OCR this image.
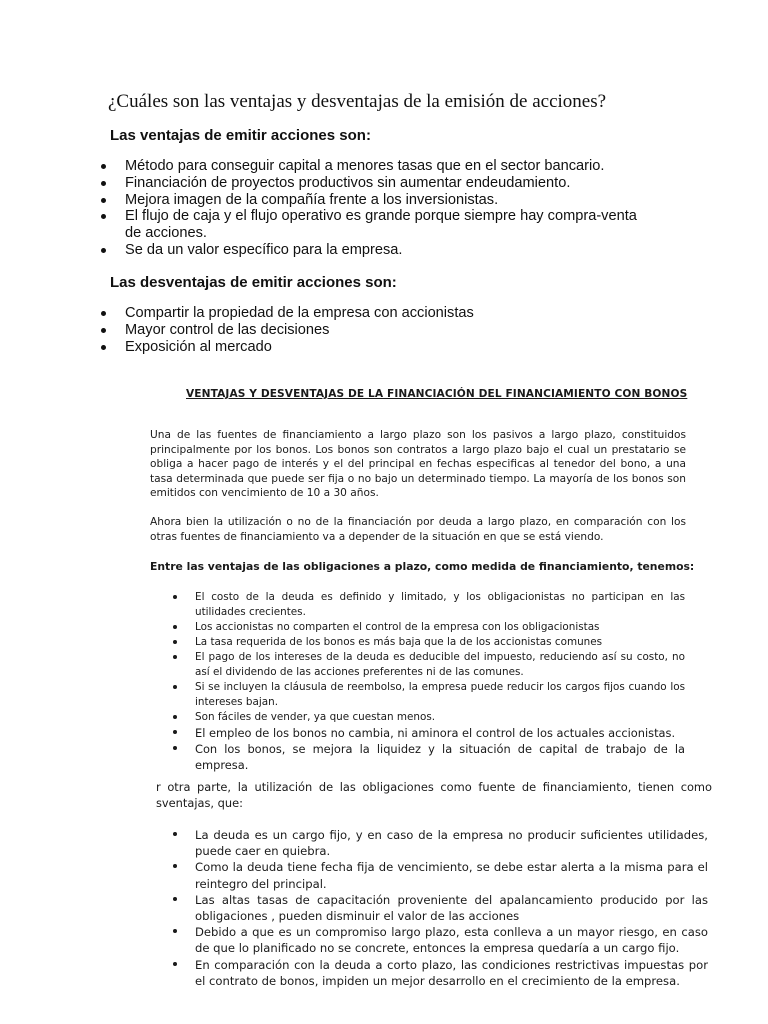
¿Cuáles son las ventajas y desventajas de la emisión de acciones?
Las ventajas de emitir acciones son:
Método para conseguir capital a menores tasas que en el sector bancario.
Financiación de proyectos productivos sin aumentar endeudamiento.
Mejora imagen de la compañía frente a los inversionistas.
El flujo de caja y el flujo operativo es grande porque siempre hay compra-venta de acciones.
Se da un valor específico para la empresa.
Las desventajas de emitir acciones son:
Compartir la propiedad de la empresa con accionistas
Mayor control de las decisiones
Exposición al mercado
VENTAJAS Y DESVENTAJAS DE LA FINANCIACIÓN DEL FINANCIAMIENTO CON BONOS
Una de las fuentes de financiamiento a largo plazo son los pasivos a largo plazo, constituidos principalmente por los bonos. Los bonos son contratos a largo plazo bajo el cual un prestatario se obliga a hacer pago de interés y el del principal en fechas especificas al tenedor del bono, a una tasa determinada que puede ser fija o no bajo un determinado tiempo. La mayoría de los bonos son emitidos con vencimiento de 10 a 30 años.
Ahora bien la utilización o no de la financiación por deuda a largo plazo, en comparación con los otras fuentes de financiamiento va a depender de la situación en que se está viendo.
Entre las ventajas de las obligaciones a plazo, como medida de financiamiento, tenemos:
El costo de la deuda es definido y limitado, y los obligacionistas no participan en las utilidades crecientes.
Los accionistas no comparten el control de la empresa con los obligacionistas
La tasa requerida de los bonos es más baja que la de los accionistas comunes
El pago de los intereses de la deuda es deducible del impuesto, reduciendo así su costo, no así el dividendo de las acciones preferentes ni de las comunes.
Si se incluyen la cláusula de reembolso, la empresa puede reducir los cargos fijos cuando los intereses bajan.
Son fáciles de vender, ya que cuestan menos.
El empleo de los bonos no cambia, ni aminora el control de los actuales accionistas.
Con los bonos, se mejora la liquidez y la situación de capital de trabajo de la empresa.
r otra parte, la utilización de las obligaciones como fuente de financiamiento, tienen como sventajas, que:
La deuda es un cargo fijo, y en caso de la empresa no producir suficientes utilidades, puede caer en quiebra.
Como la deuda tiene fecha fija de vencimiento, se debe estar alerta a la misma para el reintegro del principal.
Las altas tasas de capacitación proveniente del apalancamiento producido por las obligaciones , pueden disminuir el valor de las acciones
Debido a que es un compromiso largo plazo, esta conlleva a un mayor riesgo, en caso de que lo planificado no se concrete, entonces la empresa quedaría a un cargo fijo.
En comparación con la deuda a corto plazo, las condiciones restrictivas impuestas por el contrato de bonos, impiden un mejor desarrollo en el crecimiento de la empresa.
